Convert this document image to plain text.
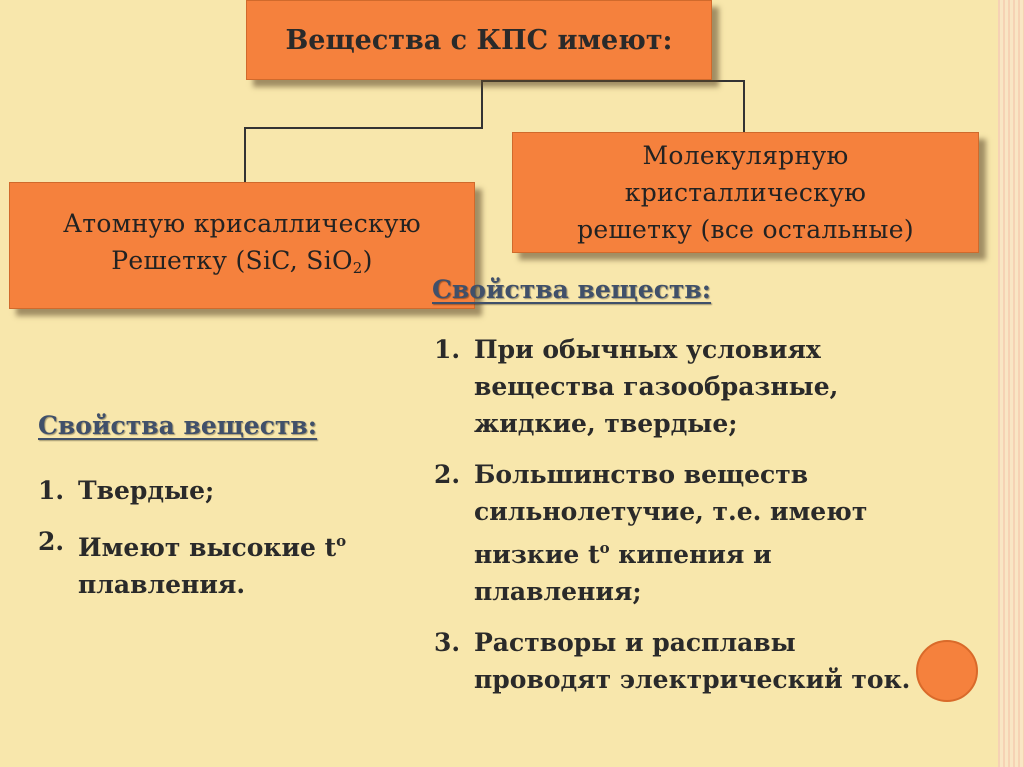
Вещества с КПС имеют:
Атомную крисаллическую
Решетку (SiC, SiO$_2$)
Молекулярную
кристаллическую
решетку (все остальные)
Свойства веществ:
1. При обычных условиях
вещества газообразные,
жидкие, твердые;
2. Большинство веществ
сильнолетучие, т.е. имеют
низкие $t^o$ кипения и
плавления;
3. Растворы и расплавы
проводят электрический ток.
Свойства веществ:
1. Твердые;
2. Имеют высокие $t^o$
плавления.
